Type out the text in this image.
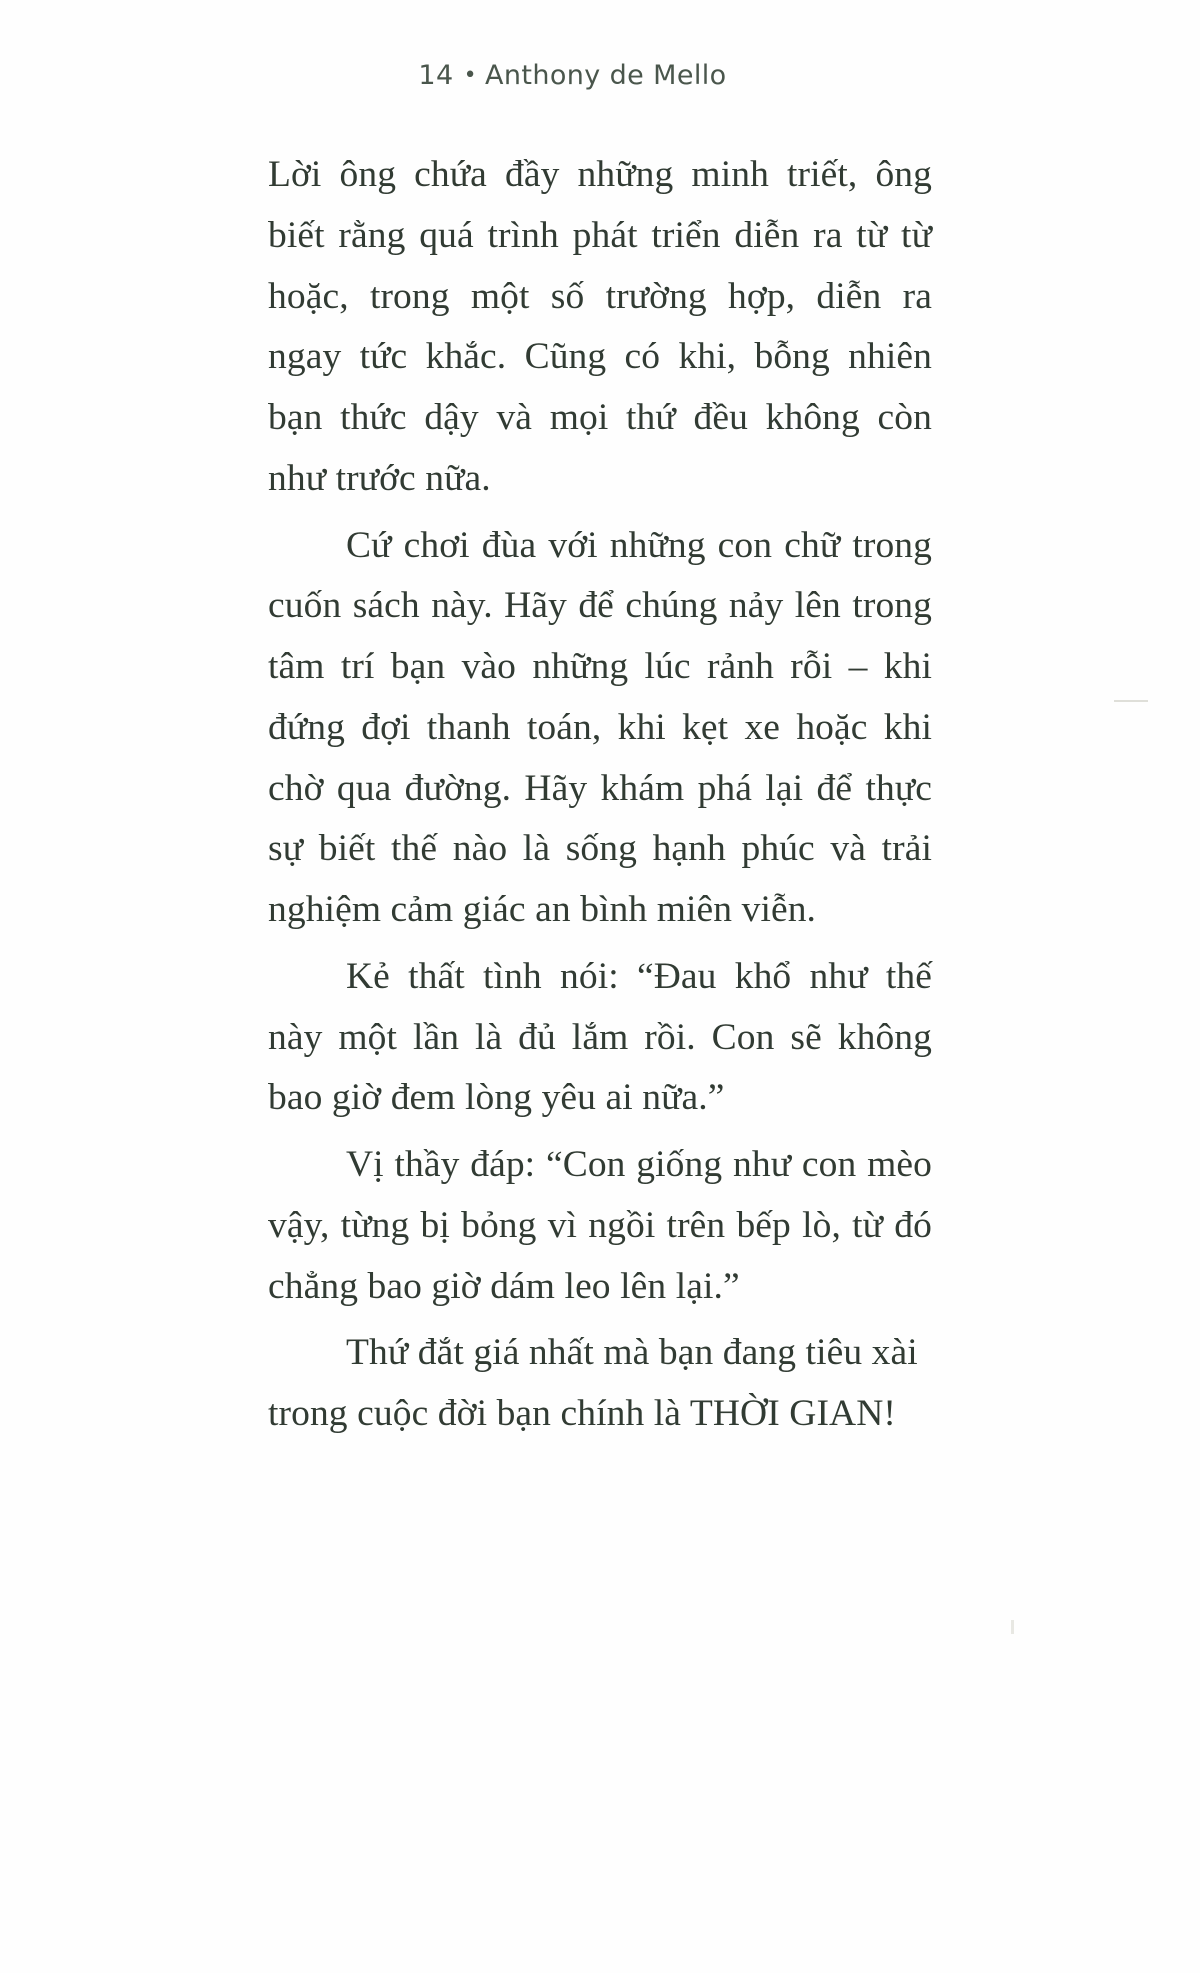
14 • Anthony de Mello

Lời ông chứa đầy những minh triết, ông biết rằng quá trình phát triển diễn ra từ từ hoặc, trong một số trường hợp, diễn ra ngay tức khắc. Cũng có khi, bỗng nhiên bạn thức dậy và mọi thứ đều không còn như trước nữa.

Cứ chơi đùa với những con chữ trong cuốn sách này. Hãy để chúng nảy lên trong tâm trí bạn vào những lúc rảnh rỗi – khi đứng đợi thanh toán, khi kẹt xe hoặc khi chờ qua đường. Hãy khám phá lại để thực sự biết thế nào là sống hạnh phúc và trải nghiệm cảm giác an bình miên viễn.

Kẻ thất tình nói: “Đau khổ như thế này một lần là đủ lắm rồi. Con sẽ không bao giờ đem lòng yêu ai nữa.”

Vị thầy đáp: “Con giống như con mèo vậy, từng bị bỏng vì ngồi trên bếp lò, từ đó chẳng bao giờ dám leo lên lại.”

Thứ đắt giá nhất mà bạn đang tiêu xài trong cuộc đời bạn chính là THỜI GIAN!
